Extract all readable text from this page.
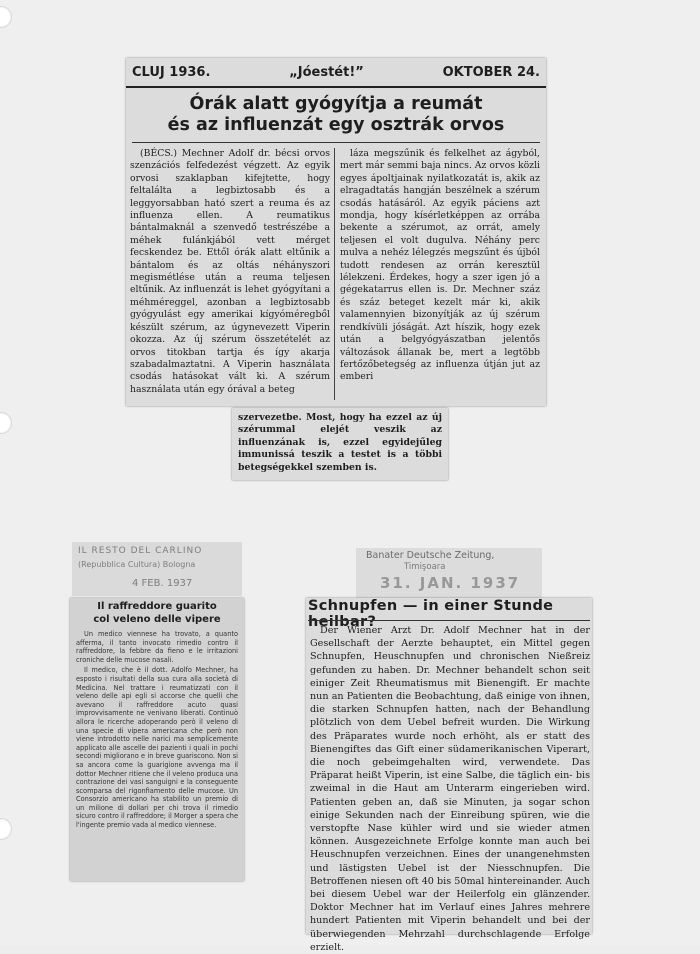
CLUJ 1936.	„Jóestét!”	OKTOBER 24.
Órák alatt gyógyítja a reumát
és az influenzát egy osztrák orvos

(BÉCS.) Mechner Adolf dr. bécsi orvos szenzációs felfedezést végzett. Az egyik orvosi szaklapban kifejtette, hogy feltalálta a legbiztosabb és a leggyorsabban ható szert a reuma és az influenza ellen. A reumatikus bántalmaknál a szenvedő testrészébe a méhek fulánkjából vett mérget fecskendez be. Ettől órák alatt eltűnik a bántalom és az oltás néhányszori megismétlése után a reuma teljesen eltűnik. Az influenzát is lehet gyógyítani a méhméreggel, azonban a legbiztosabb gyógyulást egy amerikai kígyóméregből készült szérum, az úgynevezett Viperin okozza. Az új szérum összetételét az orvos titokban tartja és így akarja szabadalmaztatni. A Viperin használata csodás hatásokat vált ki. A szérum használata után egy órával a beteg

láza megszűnik és felkelhet az ágyból, mert már semmi baja nincs. Az orvos közli egyes ápoltjainak nyilatkozatát is, akik az elragadtatás hangján beszélnek a szérum csodás hatásáról. Az egyik páciens azt mondja, hogy kísérletképpen az orrába bekente a szérumot, az orrát, amely teljesen el volt dugulva. Néhány perc mulva a nehéz lélegzés megszűnt és újból tudott rendesen az orrán keresztül lélekzeni. Érdekes, hogy a szer igen jó a gégekatarrus ellen is. Dr. Mechner száz és száz beteget kezelt már ki, akik valamennyien bizonyítják az új szérum rendkívüli jóságát. Azt híszik, hogy ezek után a belgyógyászatban jelentős változások állanak be, mert a legtöbb fertőzőbetegség az influenza útján jut az emberi

szervezetbe. Most, hogy ha ezzel az új szérummal elejét veszik az influenzának is, ezzel egyidejűleg immunissá teszik a testet is a többi betegségekkel szemben is.
IL RESTO DEL CARLINO
(Repubblica Cultura) Bologna
4 FEB. 1937
Il raffreddore guarito
col veleno delle vipere

Un medico viennese ha trovato, a quanto afferma, il tanto invocato rimedio contro il raffreddore, la febbre da fieno e le irritazioni croniche delle mucose nasali.

Il medico, che è il dott. Adolfo Mechner, ha esposto i risultati della sua cura alla società di Medicina. Nel trattare i reumatizzati con il veleno delle api egli si accorse che quelli che avevano il raffreddore acuto quasi improvvisamente ne venivano liberati. Continuò allora le ricerche adoperando però il veleno di una specie di vipera americana che però non viene introdotto nelle narici ma semplicemente applicato alle ascelle dei pazienti i quali in pochi secondi migliorano e in breve guariscono. Non si sa ancora come la guarigione avvenga ma il dottor Mechner ritiene che il veleno produca una contrazione dei vasi sanguigni e la conseguente scomparsa del rigonfiamento delle mucose. Un Consorzio americano ha stabilito un premio di un milione di dollari per chi trova il rimedio sicuro contro il raffreddore; il Morger a spera che l'ingente premio vada al medico viennese.

Banater Deutsche Zeitung,
Timişoara
31. JAN. 1937
Schnupfen — in einer Stunde heilbar?

Der Wiener Arzt Dr. Adolf Mechner hat in der Gesellschaft der Aerzte behauptet, ein Mittel gegen Schnupfen, Heuschnupfen und chronischen Nießreiz gefunden zu haben. Dr. Mechner behandelt schon seit einiger Zeit Rheumatismus mit Bienengift. Er machte nun an Patienten die Beobachtung, daß einige von ihnen, die starken Schnupfen hatten, nach der Behandlung plötzlich von dem Uebel befreit wurden. Die Wirkung des Präparates wurde noch erhöht, als er statt des Bienengiftes das Gift einer südamerikanischen Viperart, die noch gebeimgehalten wird, verwendete. Das Präparat heißt Viperin, ist eine Salbe, die täglich ein- bis zweimal in die Haut am Unterarm eingerieben wird. Patienten geben an, daß sie Minuten, ja sogar schon einige Sekunden nach der Einreibung spüren, wie die verstopfte Nase kühler wird und sie wieder atmen können. Ausgezeichnete Erfolge konnte man auch bei Heuschnupfen verzeichnen. Eines der unangenehmsten und lästigsten Uebel ist der Niesschnupfen. Die Betroffenen niesen oft 40 bis 50mal hintereinander. Auch bei diesem Uebel war der Heilerfolg ein glänzender. Doktor Mechner hat im Verlauf eines Jahres mehrere hundert Patienten mit Viperin behandelt und bei der überwiegenden Mehrzahl durchschlagende Erfolge erzielt.
